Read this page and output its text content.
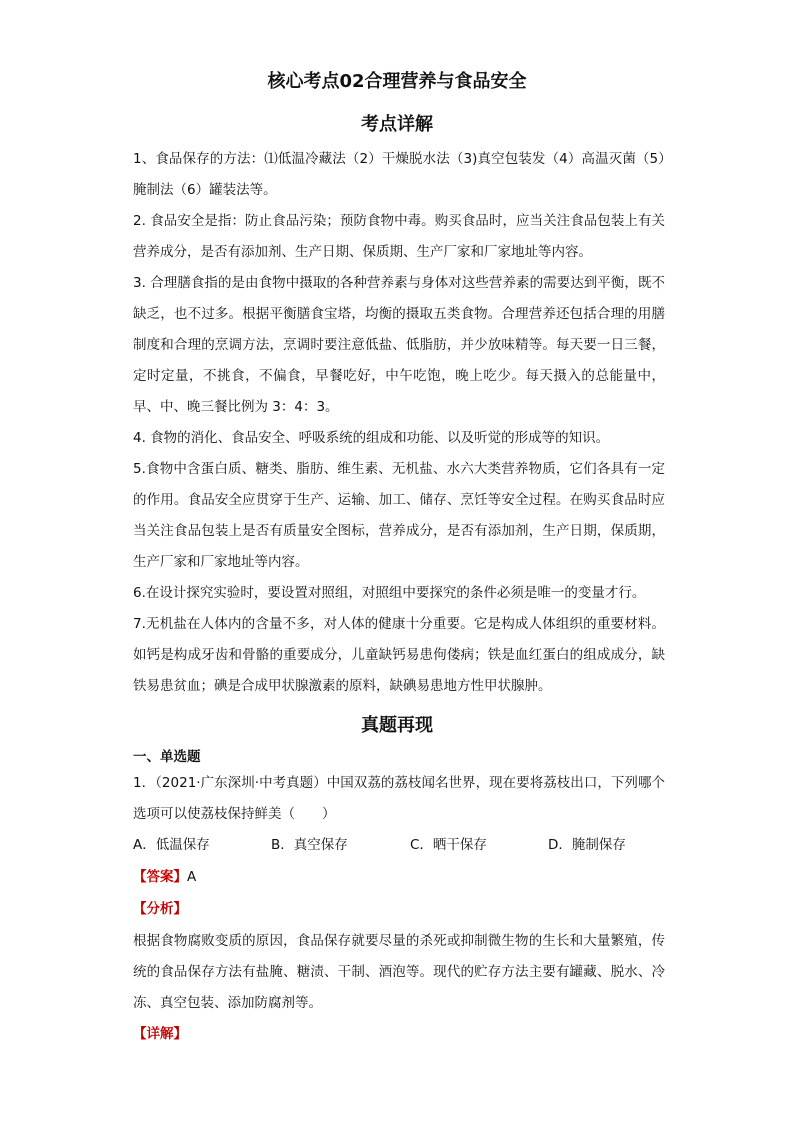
核心考点02合理营养与食品安全
考点详解

1、食品保存的方法：⑴低温冷藏法（2）干燥脱水法（3)真空包装发（4）高温灭菌（5）腌制法（6）罐装法等。

2. 食品安全是指：防止食品污染；预防食物中毒。购买食品时，应当关注食品包装上有关营养成分，是否有添加剂、生产日期、保质期、生产厂家和厂家地址等内容。

3. 合理膳食指的是由食物中摄取的各种营养素与身体对这些营养素的需要达到平衡，既不缺乏，也不过多。根据平衡膳食宝塔，均衡的摄取五类食物。合理营养还包括合理的用膳制度和合理的烹调方法，烹调时要注意低盐、低脂肪，并少放味精等。每天要一日三餐，定时定量，不挑食，不偏食，早餐吃好，中午吃饱，晚上吃少。每天摄入的总能量中，早、中、晚三餐比例为 3：4：3。

4. 食物的消化、食品安全、呼吸系统的组成和功能、以及听觉的形成等的知识。

5.食物中含蛋白质、糖类、脂肪、维生素、无机盐、水六大类营养物质，它们各具有一定的作用。食品安全应贯穿于生产、运输、加工、储存、烹饪等安全过程。在购买食品时应当关注食品包装上是否有质量安全图标，营养成分，是否有添加剂，生产日期，保质期，生产厂家和厂家地址等内容。

6.在设计探究实验时，要设置对照组，对照组中要探究的条件必须是唯一的变量才行。

7.无机盐在人体内的含量不多，对人体的健康十分重要。它是构成人体组织的重要材料。如钙是构成牙齿和骨骼的重要成分，儿童缺钙易患佝偻病；铁是血红蛋白的组成成分，缺铁易患贫血；碘是合成甲状腺激素的原料，缺碘易患地方性甲状腺肿。

真题再现
一、单选题

1．（2021·广东深圳·中考真题）中国双荔的荔枝闻名世界，现在要将荔枝出口，下列哪个选项可以使荔枝保持鲜美（　　）

A．低温保存	B．真空保存	C．晒干保存	D．腌制保存
【答案】A
【分析】

根据食物腐败变质的原因，食品保存就要尽量的杀死或抑制微生物的生长和大量繁殖，传统的食品保存方法有盐腌、糖渍、干制、酒泡等。现代的贮存方法主要有罐藏、脱水、冷冻、真空包装、添加防腐剂等。

【详解】
